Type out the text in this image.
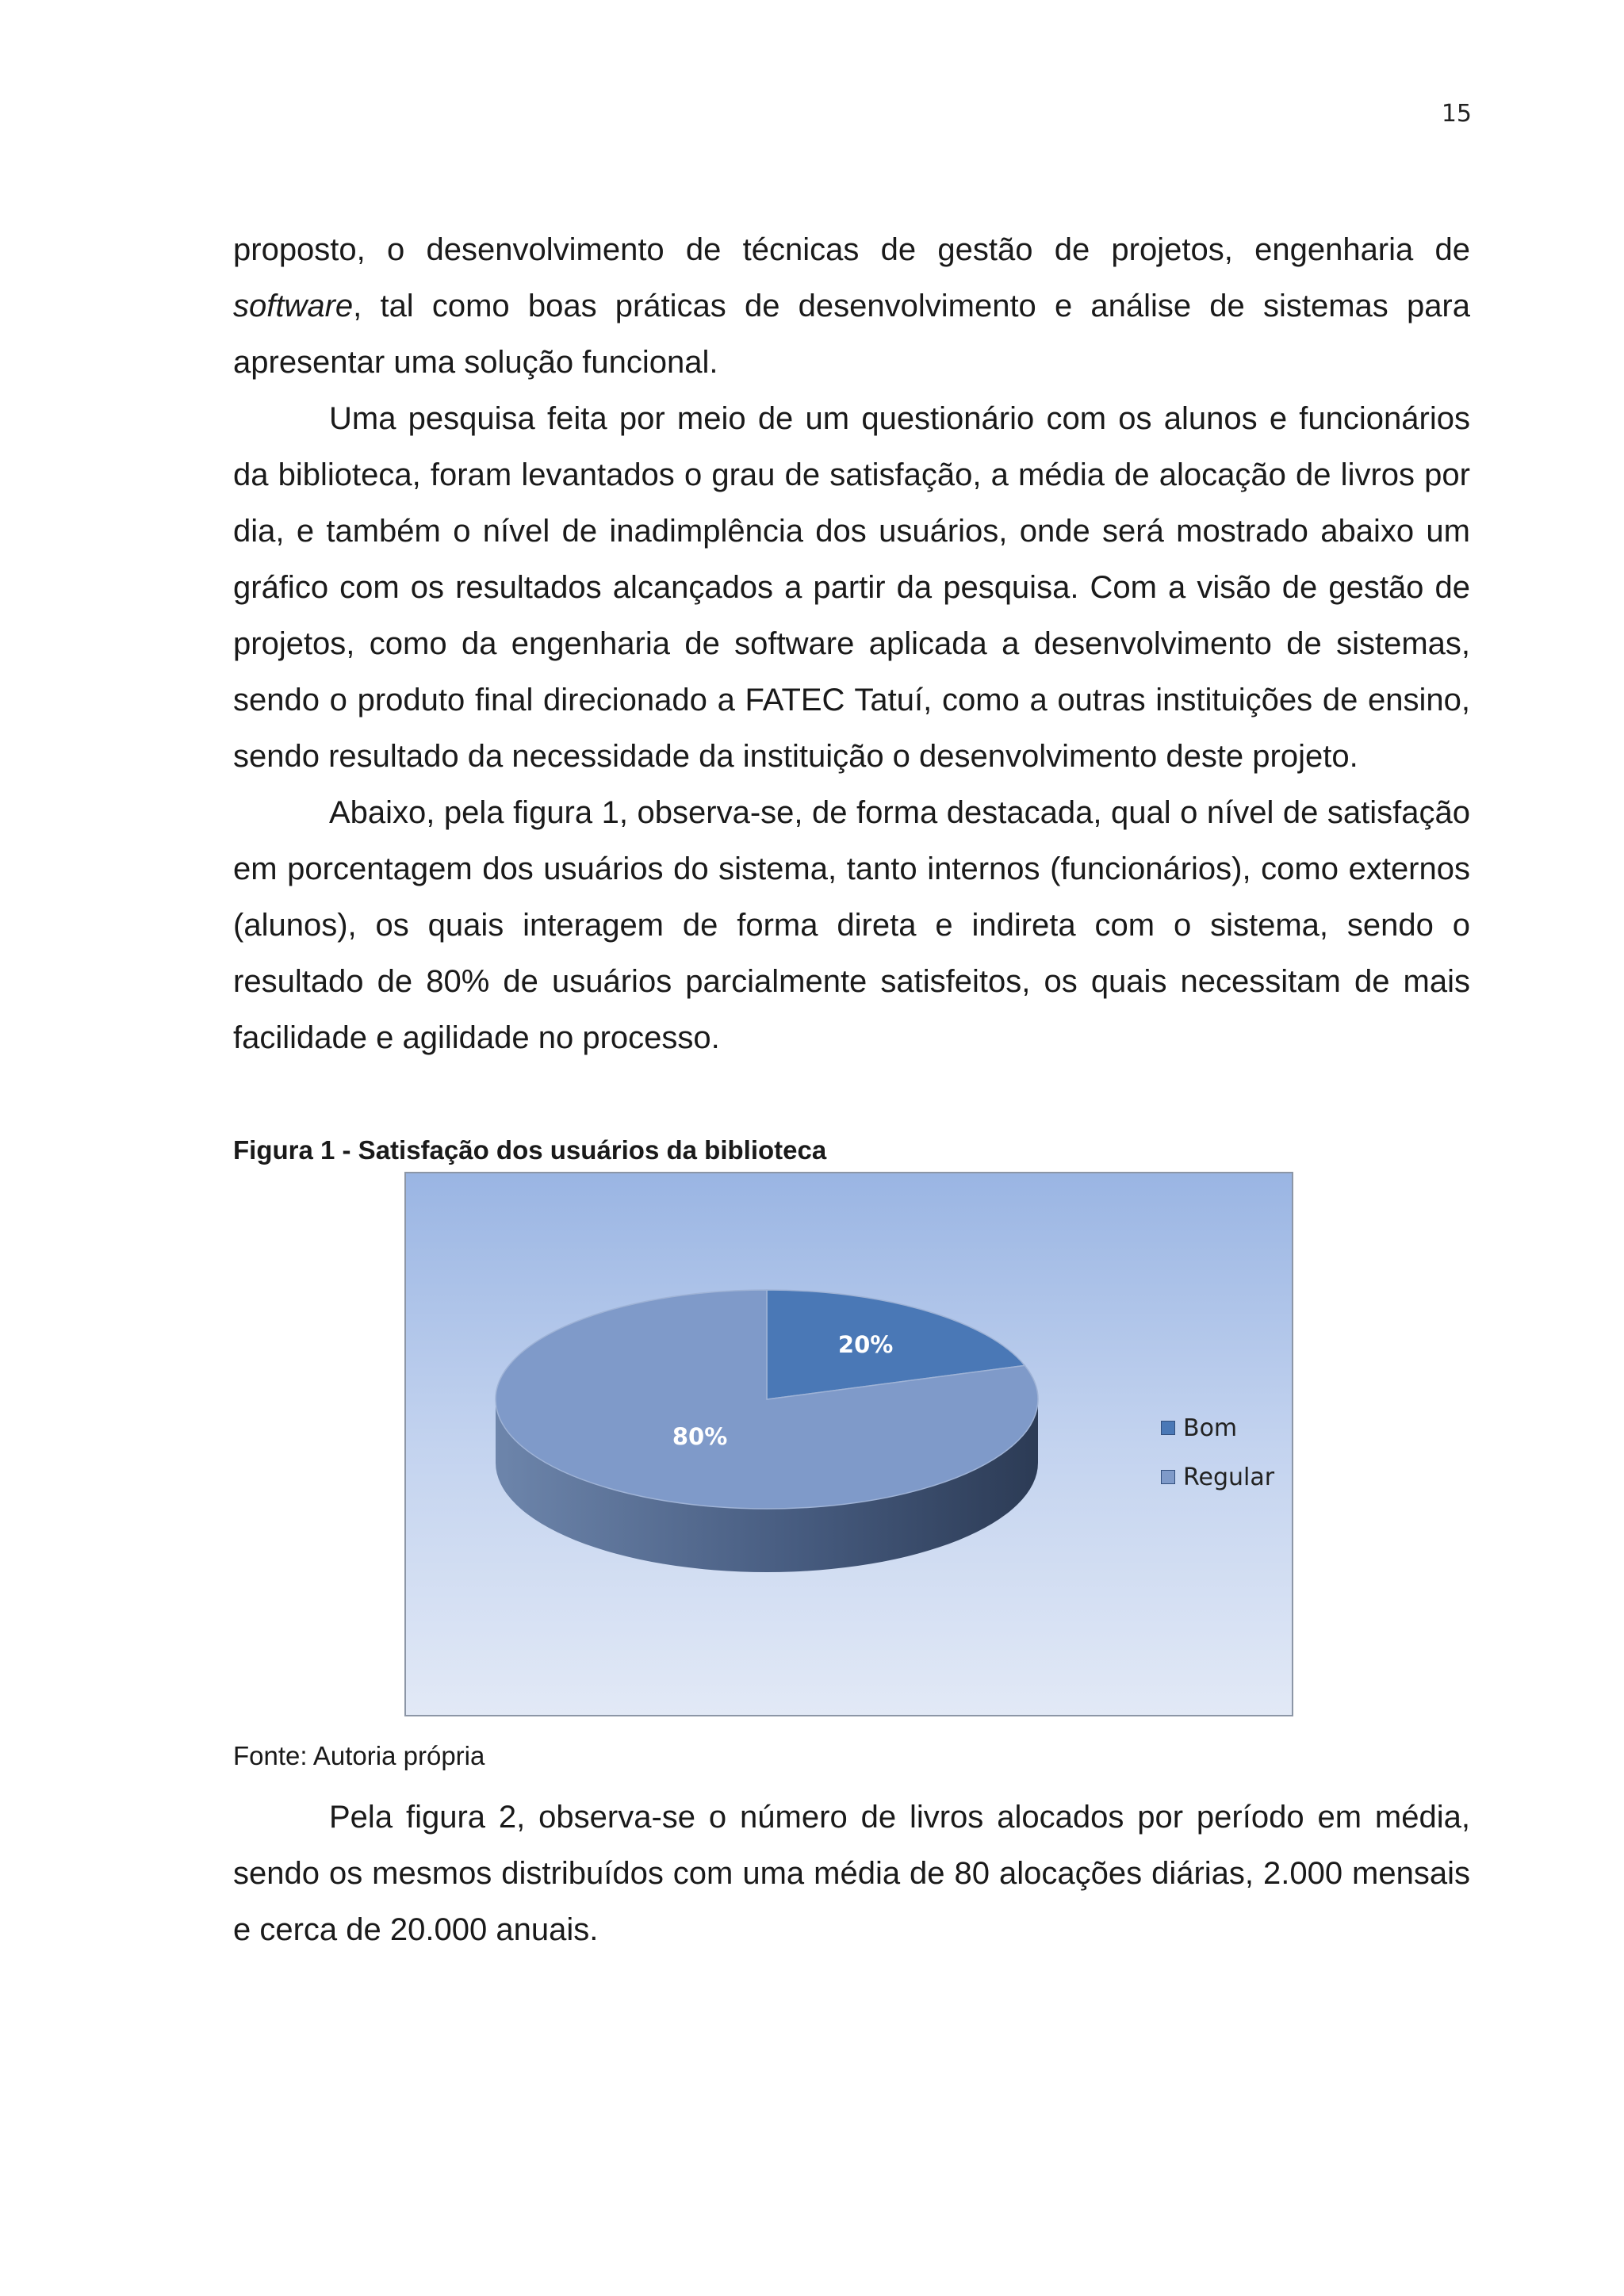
15

proposto, o desenvolvimento de técnicas de gestão de projetos, engenharia de software, tal como boas práticas de desenvolvimento e análise de sistemas para apresentar uma solução funcional.

Uma pesquisa feita por meio de um questionário com os alunos e funcionários da biblioteca, foram levantados o grau de satisfação, a média de alocação de livros por dia, e também o nível de inadimplência dos usuários, onde será mostrado abaixo um gráfico com os resultados alcançados a partir da pesquisa. Com a visão de gestão de projetos, como da engenharia de software aplicada a desenvolvimento de sistemas, sendo o produto final direcionado a FATEC Tatuí, como a outras instituições de ensino, sendo resultado da necessidade da instituição o desenvolvimento deste projeto.

Abaixo, pela figura 1, observa-se, de forma destacada, qual o nível de satisfação em porcentagem dos usuários do sistema, tanto internos (funcionários), como externos (alunos), os quais interagem de forma direta e indireta com o sistema, sendo o resultado de 80% de usuários parcialmente satisfeitos, os quais necessitam de mais facilidade e agilidade no processo.

Figura 1 - Satisfação dos usuários da biblioteca
20%
80%	Bom
Regular
Fonte: Autoria própria

Pela figura 2, observa-se o número de livros alocados por período em média, sendo os mesmos distribuídos com uma média de 80 alocações diárias, 2.000 mensais e cerca de 20.000 anuais.
